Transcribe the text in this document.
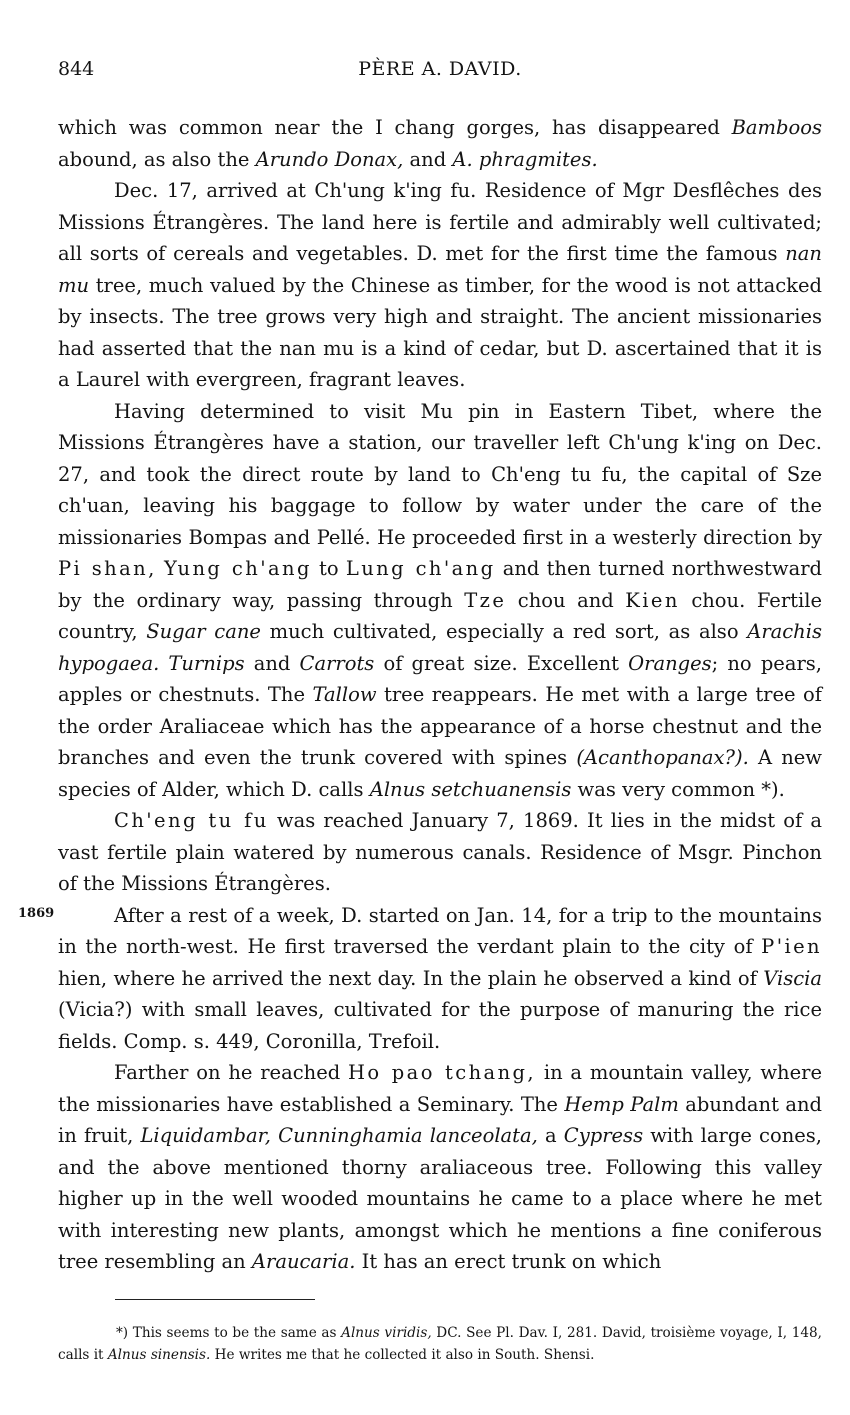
844	PÈRE A. DAVID.
1869

which was common near the I chang gorges, has disappeared Bamboos abound, as also the Arundo Donax, and A. phragmites.

Dec. 17, arrived at Ch'ung k'ing fu. Residence of Mgr Desflêches des Missions Étrangères. The land here is fertile and admirably well cultivated; all sorts of cereals and vegetables. D. met for the first time the famous nan mu tree, much valued by the Chinese as timber, for the wood is not attacked by insects. The tree grows very high and straight. The ancient missionaries had asserted that the nan mu is a kind of cedar, but D. ascertained that it is a Laurel with evergreen, fragrant leaves.

Having determined to visit Mu pin in Eastern Tibet, where the Missions Étrangères have a station, our traveller left Ch'ung k'ing on Dec. 27, and took the direct route by land to Ch'eng tu fu, the capital of Sze ch'uan, leaving his baggage to follow by water under the care of the missionaries Bompas and Pellé. He proceeded first in a westerly direction by Pi shan, Yung ch'ang to Lung ch'ang and then turned northwestward by the ordinary way, passing through Tze chou and Kien chou. Fertile country, Sugar cane much cultivated, especially a red sort, as also Arachis hypogaea. Turnips and Carrots of great size. Excellent Oranges; no pears, apples or chestnuts. The Tallow tree reappears. He met with a large tree of the order Araliaceae which has the appearance of a horse chestnut and the branches and even the trunk covered with spines (Acanthopanax?). A new species of Alder, which D. calls Alnus setchuanensis was very common *).

Ch'eng tu fu was reached January 7, 1869. It lies in the midst of a vast fertile plain watered by numerous canals. Residence of Msgr. Pinchon of the Missions Étrangères.

After a rest of a week, D. started on Jan. 14, for a trip to the mountains in the north-west. He first traversed the verdant plain to the city of P'ien hien, where he arrived the next day. In the plain he observed a kind of Viscia (Vicia?) with small leaves, cultivated for the purpose of manuring the rice fields. Comp. s. 449, Coronilla, Trefoil.

Farther on he reached Ho pao tchang, in a mountain valley, where the missionaries have established a Seminary. The Hemp Palm abundant and in fruit, Liquidambar, Cunninghamia lanceolata, a Cypress with large cones, and the above mentioned thorny araliaceous tree. Following this valley higher up in the well wooded mountains he came to a place where he met with interesting new plants, amongst which he mentions a fine coniferous tree resembling an Araucaria. It has an erect trunk on which

*) This seems to be the same as Alnus viridis, DC. See Pl. Dav. I, 281. David, troisième voyage, I, 148, calls it Alnus sinensis. He writes me that he collected it also in South. Shensi.
